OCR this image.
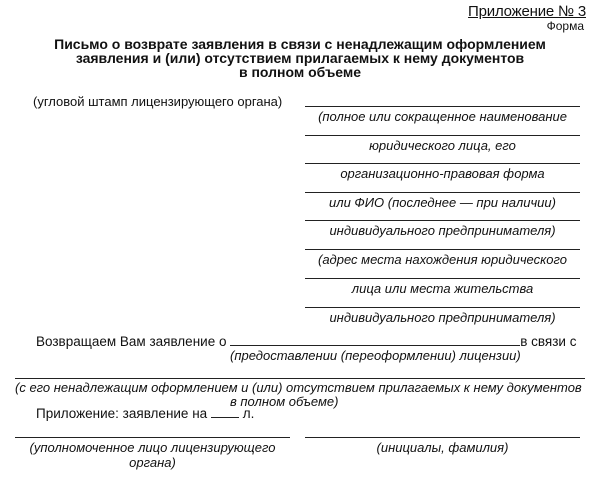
Приложение № 3
Форма
Письмо о возврате заявления в связи с ненадлежащим оформлением
заявления и (или) отсутствием прилагаемых к нему документов
в полном объеме
(угловой штамп лицензирующего органа)
(полное или сокращенное наименование
юридического лица, его
организационно-правовая форма
или ФИО (последнее — при наличии)
индивидуального предпринимателя)
(адрес места нахождения юридического
лица или места жительства
индивидуального предпринимателя)
Возвращаем Вам заявление о	в связи с
(предоставлении (переоформлении) лицензии)
(с его ненадлежащим оформлением и (или) отсутствием прилагаемых к нему документов
в полном объеме)
Приложение: заявление на	л.
(уполномоченное лицо лицензирующего
органа)
(инициалы, фамилия)
